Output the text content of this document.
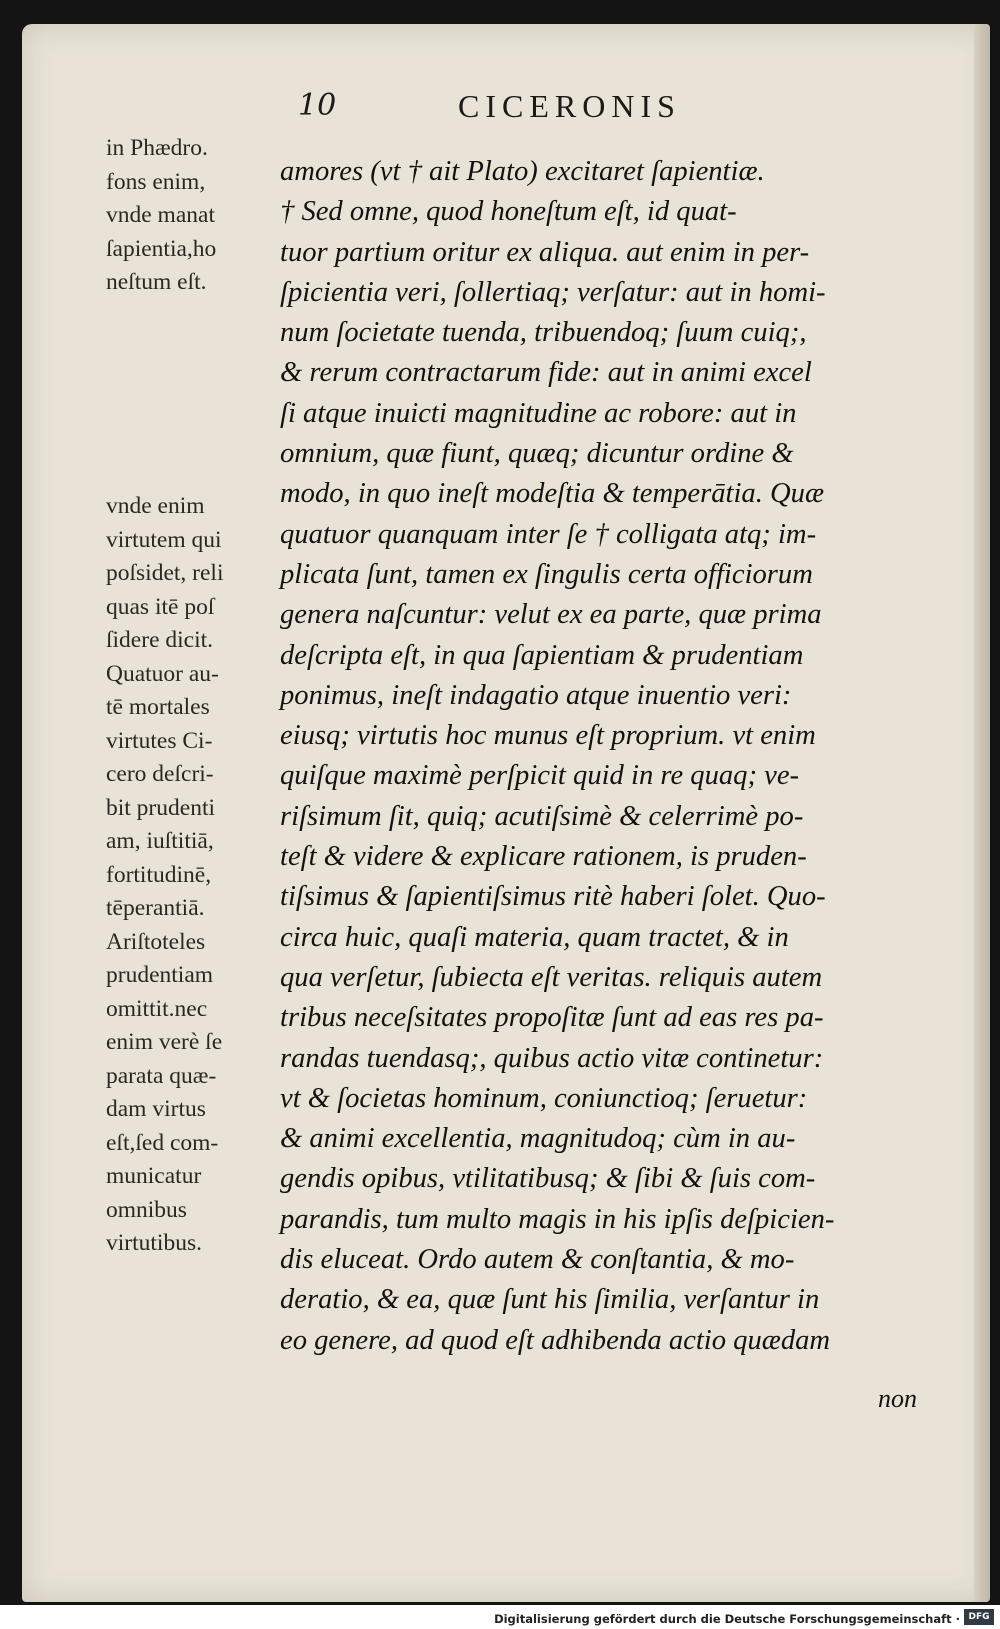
10	CICERONIS
in Phædro.
fons enim,
vnde manat
ſapientia,ho
neſtum eſt.
vnde enim
virtutem qui
poſsidet, reli
quas itē poſ
ſidere dicit.
Quatuor au-
tē mortales
virtutes Ci-
cero deſcri-
bit prudenti
am, iuſtitiā,
fortitudinē,
tēperantiā.
Ariſtoteles
prudentiam
omittit.nec
enim verè ſe
parata quæ-
dam virtus
eſt,ſed com-
municatur
omnibus
virtutibus.
amores (vt † ait Plato) excitaret ſapientiæ.
† Sed omne, quod honeſtum eſt, id quat-
tuor partium oritur ex aliqua. aut enim in per-
ſpicientia veri, ſollertiaq; verſatur: aut in homi-
num ſocietate tuenda, tribuendoq; ſuum cuiq;,
& rerum contractarum fide: aut in animi excel
ſi atque inuicti magnitudine ac robore: aut in
omnium, quæ fiunt, quæq; dicuntur ordine &
modo, in quo ineſt modeſtia & temperātia. Quæ
quatuor quanquam inter ſe † colligata atq; im-
plicata ſunt, tamen ex ſingulis certa officiorum
genera naſcuntur: velut ex ea parte, quæ prima
deſcripta eſt, in qua ſapientiam & prudentiam
ponimus, ineſt indagatio atque inuentio veri:
eiusq; virtutis hoc munus eſt proprium. vt enim
quiſque maximè perſpicit quid in re quaq; ve-
riſsimum ſit, quiq; acutiſsimè & celerrimè po-
teſt & videre & explicare rationem, is pruden-
tiſsimus & ſapientiſsimus ritè haberi ſolet. Quo-
circa huic, quaſi materia, quam tractet, & in
qua verſetur, ſubiecta eſt veritas. reliquis autem
tribus neceſsitates propoſitæ ſunt ad eas res pa-
randas tuendasq;, quibus actio vitæ continetur:
vt & ſocietas hominum, coniunctioq; ſeruetur:
& animi excellentia, magnitudoq; cùm in au-
gendis opibus, vtilitatibusq; & ſibi & ſuis com-
parandis, tum multo magis in his ipſis deſpicien-
dis eluceat. Ordo autem & conſtantia, & mo-
deratio, & ea, quæ ſunt his ſimilia, verſantur in
eo genere, ad quod eſt adhibenda actio quædam
non
Digitalisierung gefördert durch die Deutsche Forschungsgemeinschaft · DFG
